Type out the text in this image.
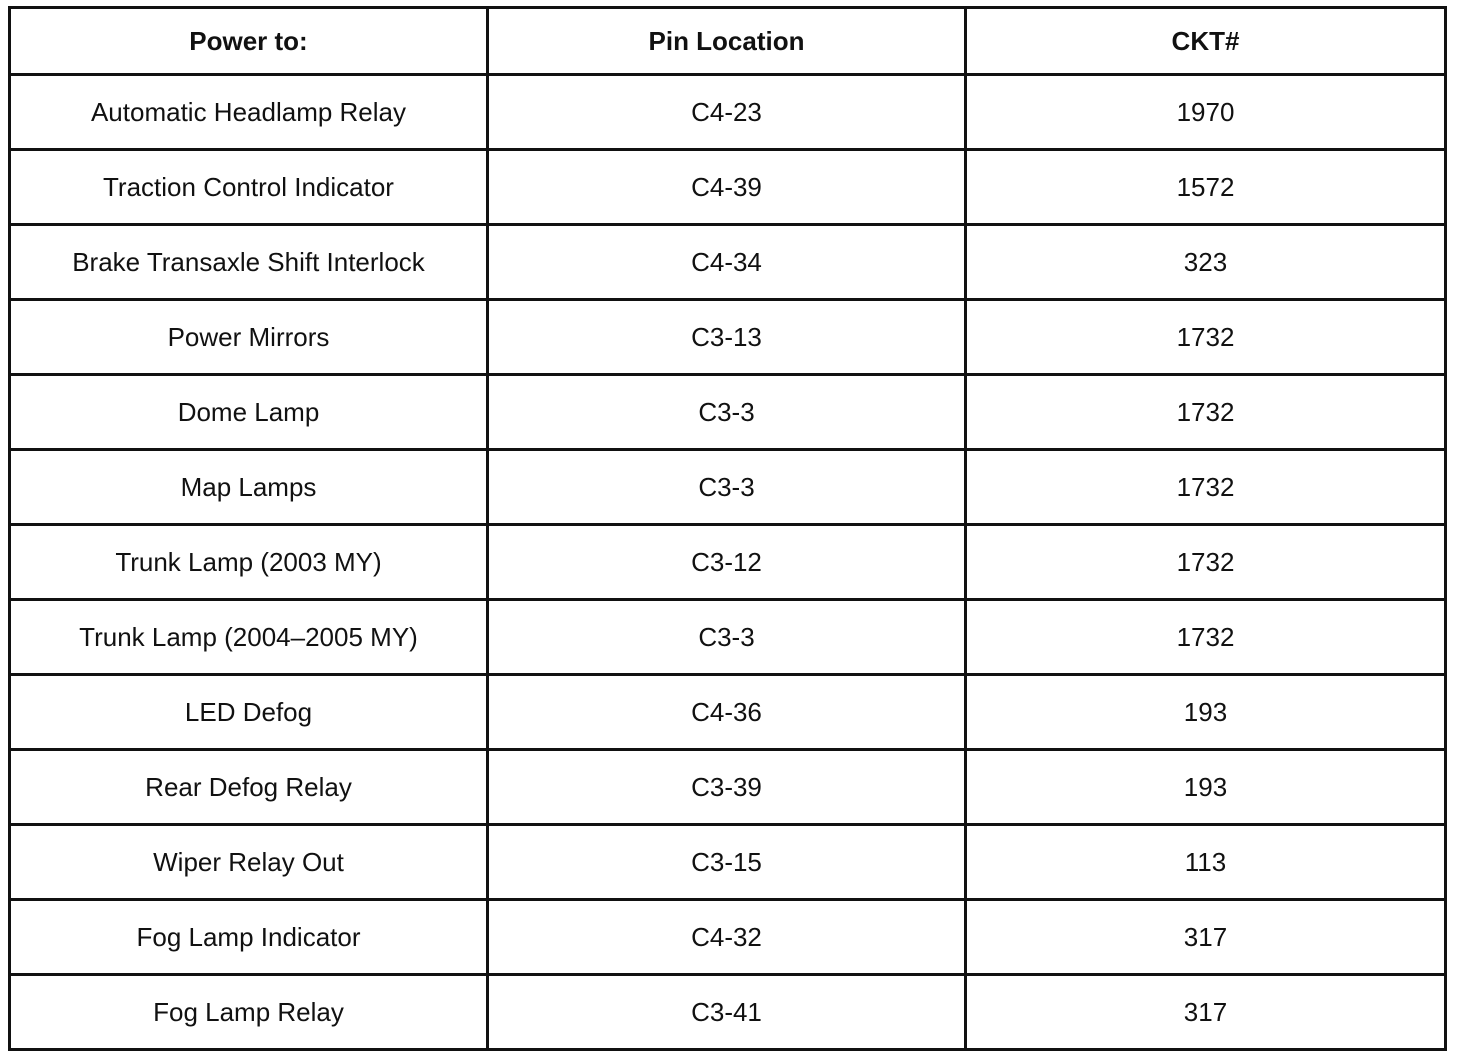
Power to:	Pin Location	CKT#
Automatic Headlamp Relay	C4-23	1970
Traction Control Indicator	C4-39	1572
Brake Transaxle Shift Interlock	C4-34	323
Power Mirrors	C3-13	1732
Dome Lamp	C3-3	1732
Map Lamps	C3-3	1732
Trunk Lamp (2003 MY)	C3-12	1732
Trunk Lamp (2004–2005 MY)	C3-3	1732
LED Defog	C4-36	193
Rear Defog Relay	C3-39	193
Wiper Relay Out	C3-15	113
Fog Lamp Indicator	C4-32	317
Fog Lamp Relay	C3-41	317
